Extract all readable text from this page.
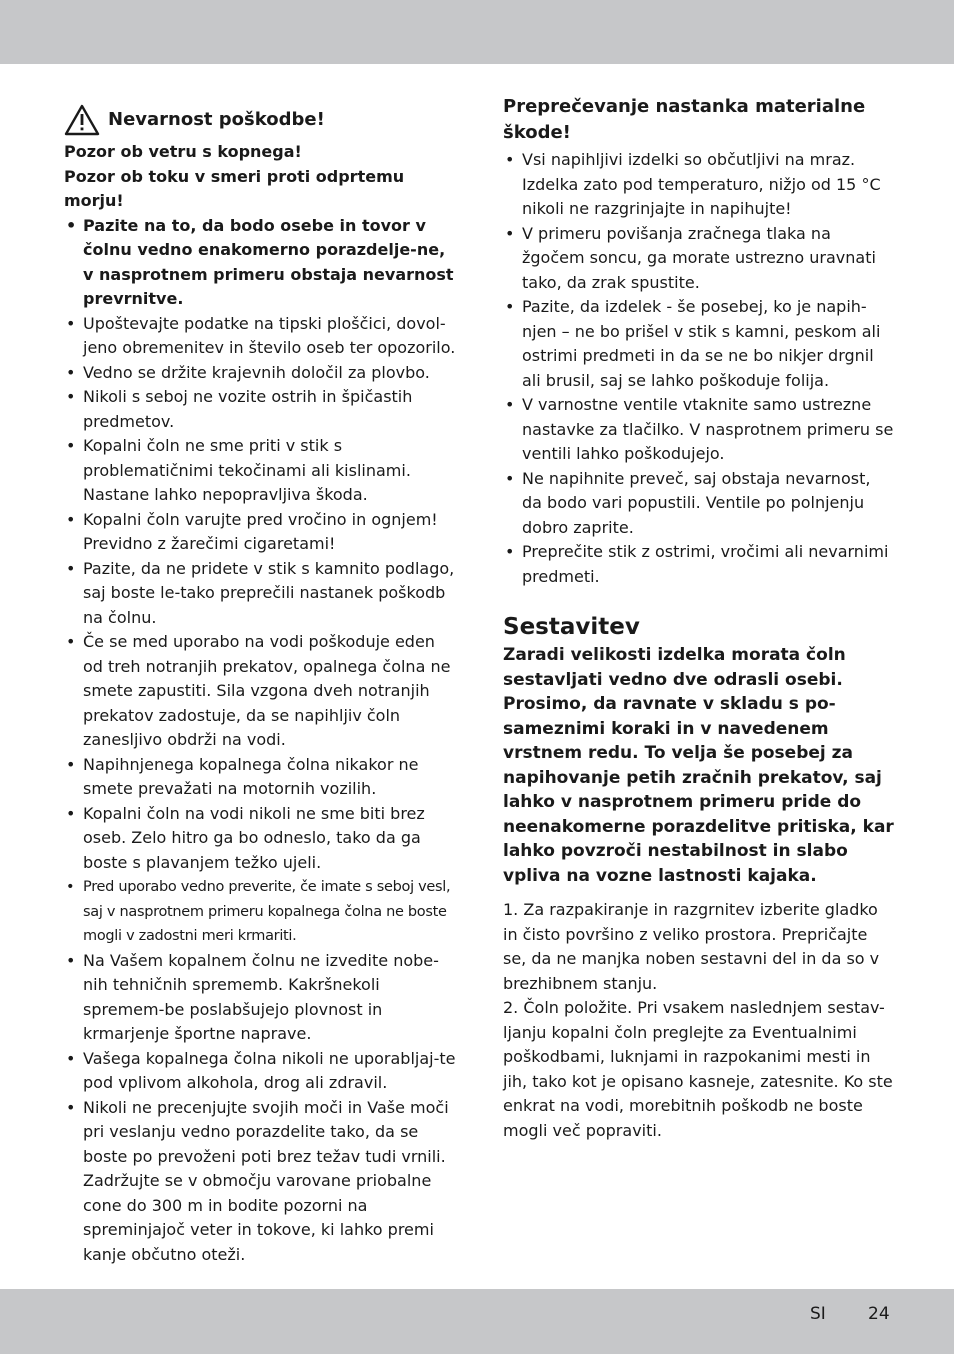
Nevarnost poškodbe!

Pozor ob vetru s kopnega!

Pozor ob toku v smeri proti odprtemu morju!

• Pazite na to, da bodo osebe in tovor v čolnu vedno enakomerno porazdelje-ne, v nasprotnem primeru obstaja nevarnost prevrnitve.
• Upoštevajte podatke na tipski ploščici, dovol-jeno obremenitev in število oseb ter opozorilo.
• Vedno se držite krajevnih določil za plovbo.
• Nikoli s seboj ne vozite ostrih in špičastih predmetov.
• Kopalni čoln ne sme priti v stik s problematičnimi tekočinami ali kislinami. Nastane lahko nepopravljiva škoda.
• Kopalni čoln varujte pred vročino in ognjem! Previdno z žarečimi cigaretami!
• Pazite, da ne pridete v stik s kamnito podlago, saj boste le-tako preprečili nastanek poškodb na čolnu.
• Če se med uporabo na vodi poškoduje eden od treh notranjih prekatov, opalnega čolna ne smete zapustiti. Sila vzgona dveh notranjih prekatov zadostuje, da se napihljiv čoln zanesljivo obdrži na vodi.
• Napihnjenega kopalnega čolna nikakor ne smete prevažati na motornih vozilih.
• Kopalni čoln na vodi nikoli ne sme biti brez oseb. Zelo hitro ga bo odneslo, tako da ga boste s plavanjem težko ujeli.
• Pred uporabo vedno preverite, če imate s seboj vesl, saj v nasprotnem primeru kopalnega čolna ne boste mogli v zadostni meri krmariti.
• Na Vašem kopalnem čolnu ne izvedite nobe-nih tehničnih sprememb. Kakršnekoli spremem-be poslabšujejo plovnost in krmarjenje športne naprave.
• Vašega kopalnega čolna nikoli ne uporabljaj-te pod vplivom alkohola, drog ali zdravil.
• Nikoli ne precenjujte svojih moči in Vaše moči pri veslanju vedno porazdelite tako, da se boste po prevoženi poti brez težav tudi vrnili. Zadržujte se v območju varovane priobalne cone do 300 m in bodite pozorni na spreminjajoč veter in tokove, ki lahko premi kanje občutno oteži.
Preprečevanje nastanka materialne škode!
• Vsi napihljivi izdelki so občutljivi na mraz. Izdelka zato pod temperaturo, nižjo od 15 °C nikoli ne razgrinjajte in napihujte!
• V primeru povišanja zračnega tlaka na žgočem soncu, ga morate ustrezno uravnati tako, da zrak spustite.
• Pazite, da izdelek - še posebej, ko je napih-njen – ne bo prišel v stik s kamni, peskom ali ostrimi predmeti in da se ne bo nikjer drgnil ali brusil, saj se lahko poškoduje folija.
• V varnostne ventile vtaknite samo ustrezne nastavke za tlačilko. V nasprotnem primeru se ventili lahko poškodujejo.
• Ne napihnite preveč, saj obstaja nevarnost, da bodo vari popustili. Ventile po polnjenju dobro zaprite.
• Preprečite stik z ostrimi, vročimi ali nevarnimi predmeti.
Sestavitev

Zaradi velikosti izdelka morata čoln sestavljati vedno dve odrasli osebi. Prosimo, da ravnate v skladu s po-sameznimi koraki in v navedenem vrstnem redu. To velja še posebej za napihovanje petih zračnih prekatov, saj lahko v nasprotnem primeru pride do neenakomerne porazdelitve pritiska, kar lahko povzroči nestabilnost in slabo vpliva na vozne lastnosti kajaka.

1. Za razpakiranje in razgrnitev izberite gladko in čisto površino z veliko prostora. Prepričajte se, da ne manjka noben sestavni del in da so v brezhibnem stanju.

2. Čoln položite. Pri vsakem naslednjem sestav-ljanju kopalni čoln preglejte za Eventualnimi poškodbami, luknjami in razpokanimi mesti in jih, tako kot je opisano kasneje, zatesnite. Ko ste enkrat na vodi, morebitnih poškodb ne boste mogli več popraviti.

SI 24
